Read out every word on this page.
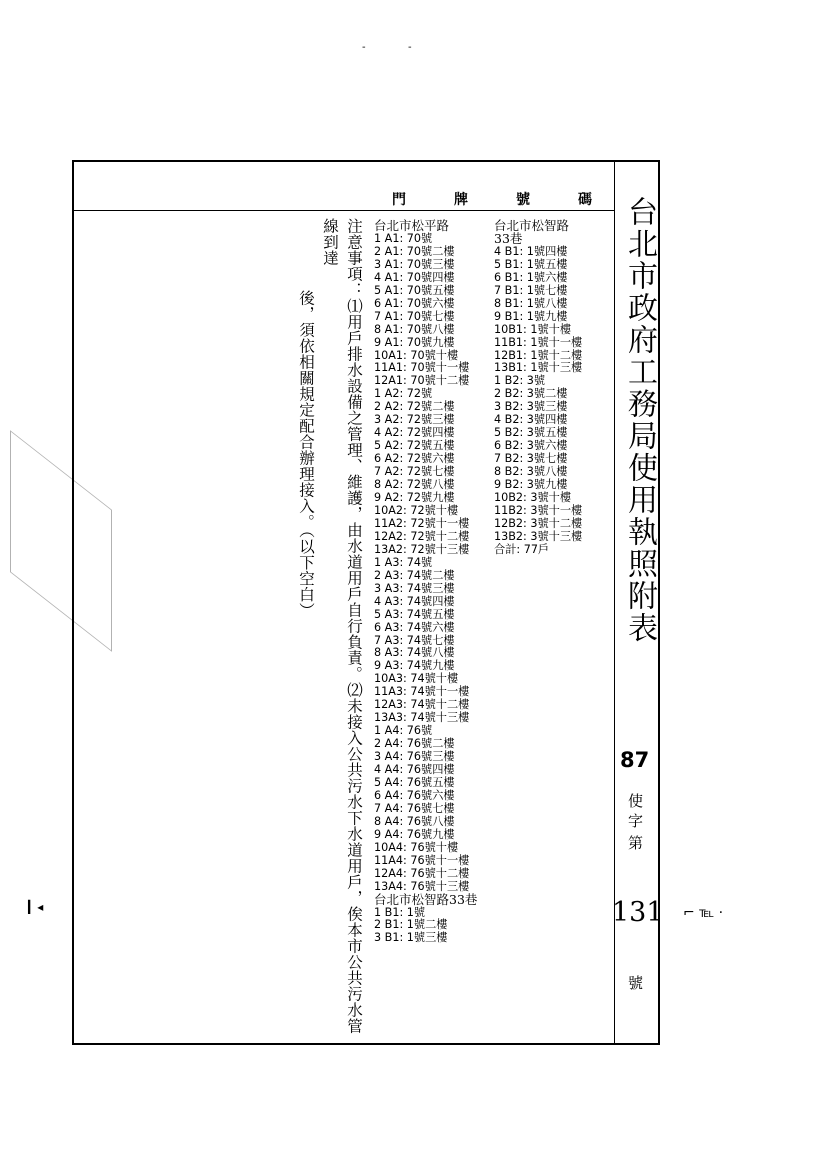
-	-
▎◂
門	牌	號	碼 台北市政府工務局使用執照附表
87
使
字
第
131 ⌐ ℡ ·
號
注意事項：⑴用戶排水設備之管理、維護，由水道用戶自行負責。⑵未接入公共污水下水道用戶，俟本市公共污水管線到達
後，須依相關規定配合辦理接入。（以下空白）
台北市松平路
1 A1: 70號
2 A1: 70號二樓
3 A1: 70號三樓
4 A1: 70號四樓
5 A1: 70號五樓
6 A1: 70號六樓
7 A1: 70號七樓
8 A1: 70號八樓
9 A1: 70號九樓
10A1: 70號十樓
11A1: 70號十一樓
12A1: 70號十二樓
1 A2: 72號
2 A2: 72號二樓
3 A2: 72號三樓
4 A2: 72號四樓
5 A2: 72號五樓
6 A2: 72號六樓
7 A2: 72號七樓
8 A2: 72號八樓
9 A2: 72號九樓
10A2: 72號十樓
11A2: 72號十一樓
12A2: 72號十二樓
13A2: 72號十三樓
1 A3: 74號
2 A3: 74號二樓
3 A3: 74號三樓
4 A3: 74號四樓
5 A3: 74號五樓
6 A3: 74號六樓
7 A3: 74號七樓
8 A3: 74號八樓
9 A3: 74號九樓
10A3: 74號十樓
11A3: 74號十一樓
12A3: 74號十二樓
13A3: 74號十三樓
1 A4: 76號
2 A4: 76號二樓
3 A4: 76號三樓
4 A4: 76號四樓
5 A4: 76號五樓
6 A4: 76號六樓
7 A4: 76號七樓
8 A4: 76號八樓
9 A4: 76號九樓
10A4: 76號十樓
11A4: 76號十一樓
12A4: 76號十二樓
13A4: 76號十三樓
台北市松智路33巷
1 B1: 1號
2 B1: 1號二樓
3 B1: 1號三樓
台北市松智路
33巷
4 B1: 1號四樓
5 B1: 1號五樓
6 B1: 1號六樓
7 B1: 1號七樓
8 B1: 1號八樓
9 B1: 1號九樓
10B1: 1號十樓
11B1: 1號十一樓
12B1: 1號十二樓
13B1: 1號十三樓
1 B2: 3號
2 B2: 3號二樓
3 B2: 3號三樓
4 B2: 3號四樓
5 B2: 3號五樓
6 B2: 3號六樓
7 B2: 3號七樓
8 B2: 3號八樓
9 B2: 3號九樓
10B2: 3號十樓
11B2: 3號十一樓
12B2: 3號十二樓
13B2: 3號十三樓
合計: 77戶
